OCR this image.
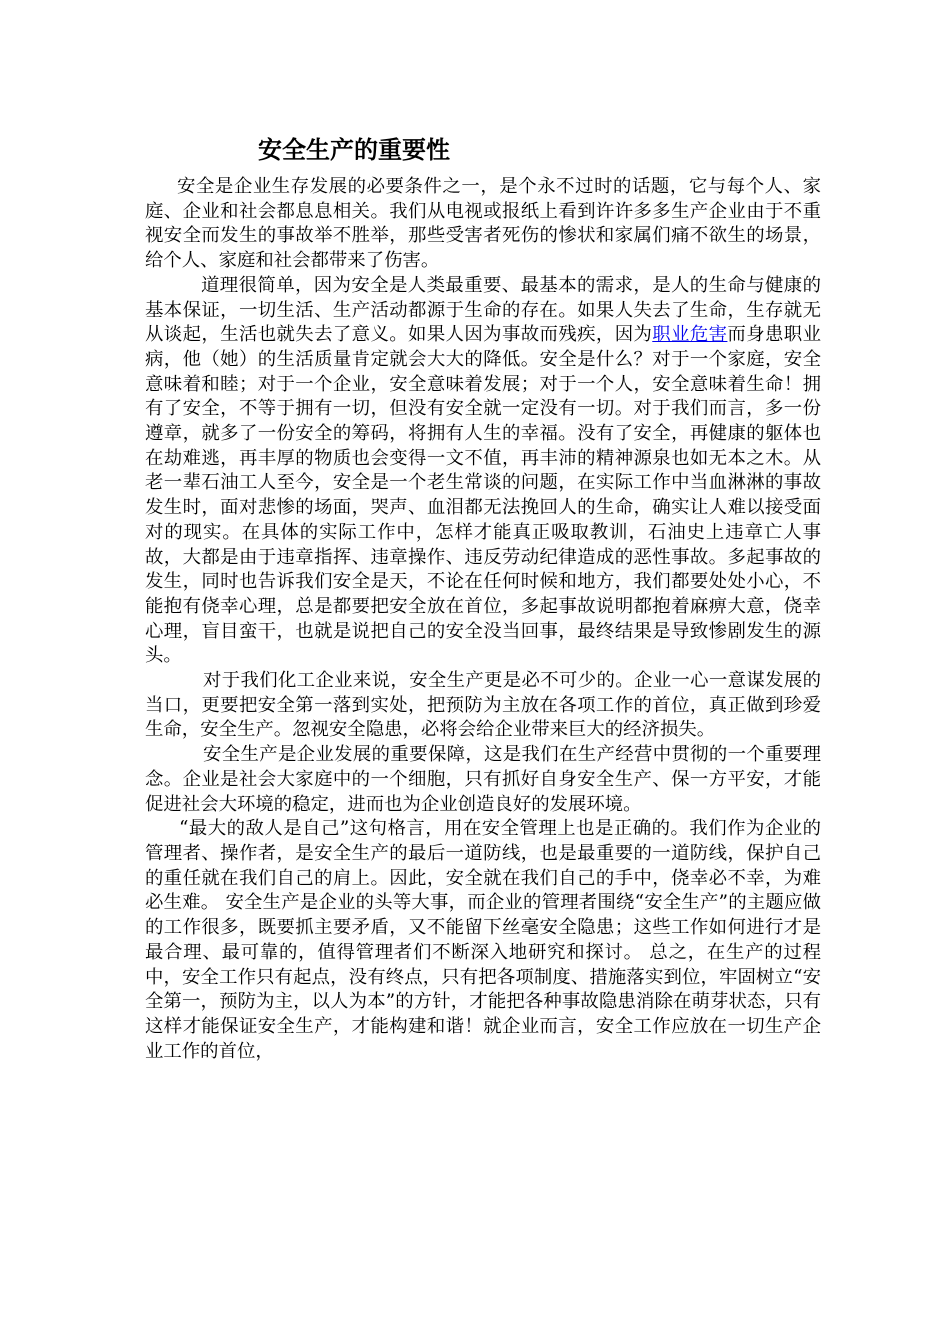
安全生产的重要性

安全是企业生存发展的必要条件之一，是个永不过时的话题，它与每个人、家庭、企业和社会都息息相关。我们从电视或报纸上看到许许多多生产企业由于不重视安全而发生的事故举不胜举，那些受害者死伤的惨状和家属们痛不欲生的场景，给个人、家庭和社会都带来了伤害。

道理很简单，因为安全是人类最重要、最基本的需求，是人的生命与健康的基本保证，一切生活、生产活动都源于生命的存在。如果人失去了生命，生存就无从谈起，生活也就失去了意义。如果人因为事故而残疾，因为职业危害而身患职业病，他（她）的生活质量肯定就会大大的降低。安全是什么？对于一个家庭，安全意味着和睦；对于一个企业，安全意味着发展；对于一个人，安全意味着生命！拥有了安全，不等于拥有一切，但没有安全就一定没有一切。对于我们而言，多一份遵章，就多了一份安全的筹码，将拥有人生的幸福。没有了安全，再健康的躯体也在劫难逃，再丰厚的物质也会变得一文不值，再丰沛的精神源泉也如无本之木。从老一辈石油工人至今，安全是一个老生常谈的问题，在实际工作中当血淋淋的事故发生时，面对悲惨的场面，哭声、血泪都无法挽回人的生命，确实让人难以接受面对的现实。在具体的实际工作中，怎样才能真正吸取教训，石油史上违章亡人事故，大都是由于违章指挥、违章操作、违反劳动纪律造成的恶性事故。多起事故的发生，同时也告诉我们安全是天，不论在任何时候和地方，我们都要处处小心，不能抱有侥幸心理，总是都要把安全放在首位，多起事故说明都抱着麻痹大意，侥幸心理，盲目蛮干，也就是说把自己的安全没当回事，最终结果是导致惨剧发生的源头。

对于我们化工企业来说，安全生产更是必不可少的。企业一心一意谋发展的当口，更要把安全第一落到实处，把预防为主放在各项工作的首位，真正做到珍爱生命，安全生产。忽视安全隐患，必将会给企业带来巨大的经济损失。

安全生产是企业发展的重要保障，这是我们在生产经营中贯彻的一个重要理念。企业是社会大家庭中的一个细胞，只有抓好自身安全生产、保一方平安，才能促进社会大环境的稳定，进而也为企业创造良好的发展环境。

“最大的敌人是自己”这句格言，用在安全管理上也是正确的。我们作为企业的管理者、操作者，是安全生产的最后一道防线，也是最重要的一道防线，保护自己的重任就在我们自己的肩上。因此，安全就在我们自己的手中，侥幸必不幸，为难必生难。 安全生产是企业的头等大事，而企业的管理者围绕“安全生产”的主题应做的工作很多，既要抓主要矛盾，又不能留下丝毫安全隐患；这些工作如何进行才是最合理、最可靠的，值得管理者们不断深入地研究和探讨。 总之，在生产的过程中，安全工作只有起点，没有终点，只有把各项制度、措施落实到位，牢固树立“安全第一，预防为主，以人为本”的方针，才能把各种事故隐患消除在萌芽状态，只有这样才能保证安全生产，才能构建和谐！就企业而言，安全工作应放在一切生产企业工作的首位，
